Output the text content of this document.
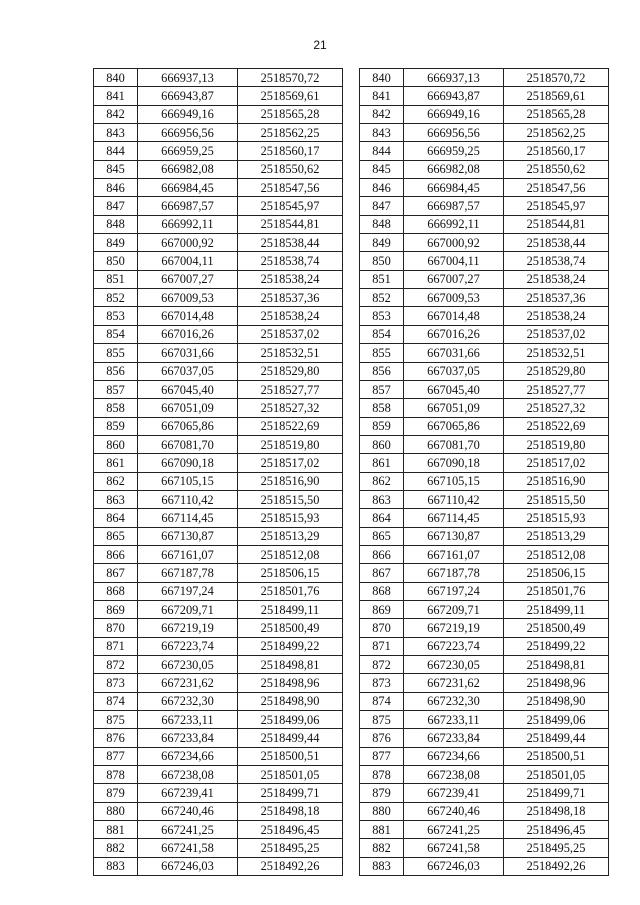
21
840	666937,13	2518570,72
841	666943,87	2518569,61
842	666949,16	2518565,28
843	666956,56	2518562,25
844	666959,25	2518560,17
845	666982,08	2518550,62
846	666984,45	2518547,56
847	666987,57	2518545,97
848	666992,11	2518544,81
849	667000,92	2518538,44
850	667004,11	2518538,74
851	667007,27	2518538,24
852	667009,53	2518537,36
853	667014,48	2518538,24
854	667016,26	2518537,02
855	667031,66	2518532,51
856	667037,05	2518529,80
857	667045,40	2518527,77
858	667051,09	2518527,32
859	667065,86	2518522,69
860	667081,70	2518519,80
861	667090,18	2518517,02
862	667105,15	2518516,90
863	667110,42	2518515,50
864	667114,45	2518515,93
865	667130,87	2518513,29
866	667161,07	2518512,08
867	667187,78	2518506,15
868	667197,24	2518501,76
869	667209,71	2518499,11
870	667219,19	2518500,49
871	667223,74	2518499,22
872	667230,05	2518498,81
873	667231,62	2518498,96
874	667232,30	2518498,90
875	667233,11	2518499,06
876	667233,84	2518499,44
877	667234,66	2518500,51
878	667238,08	2518501,05
879	667239,41	2518499,71
880	667240,46	2518498,18
881	667241,25	2518496,45
882	667241,58	2518495,25
883	667246,03	2518492,26
840	666937,13	2518570,72
841	666943,87	2518569,61
842	666949,16	2518565,28
843	666956,56	2518562,25
844	666959,25	2518560,17
845	666982,08	2518550,62
846	666984,45	2518547,56
847	666987,57	2518545,97
848	666992,11	2518544,81
849	667000,92	2518538,44
850	667004,11	2518538,74
851	667007,27	2518538,24
852	667009,53	2518537,36
853	667014,48	2518538,24
854	667016,26	2518537,02
855	667031,66	2518532,51
856	667037,05	2518529,80
857	667045,40	2518527,77
858	667051,09	2518527,32
859	667065,86	2518522,69
860	667081,70	2518519,80
861	667090,18	2518517,02
862	667105,15	2518516,90
863	667110,42	2518515,50
864	667114,45	2518515,93
865	667130,87	2518513,29
866	667161,07	2518512,08
867	667187,78	2518506,15
868	667197,24	2518501,76
869	667209,71	2518499,11
870	667219,19	2518500,49
871	667223,74	2518499,22
872	667230,05	2518498,81
873	667231,62	2518498,96
874	667232,30	2518498,90
875	667233,11	2518499,06
876	667233,84	2518499,44
877	667234,66	2518500,51
878	667238,08	2518501,05
879	667239,41	2518499,71
880	667240,46	2518498,18
881	667241,25	2518496,45
882	667241,58	2518495,25
883	667246,03	2518492,26
